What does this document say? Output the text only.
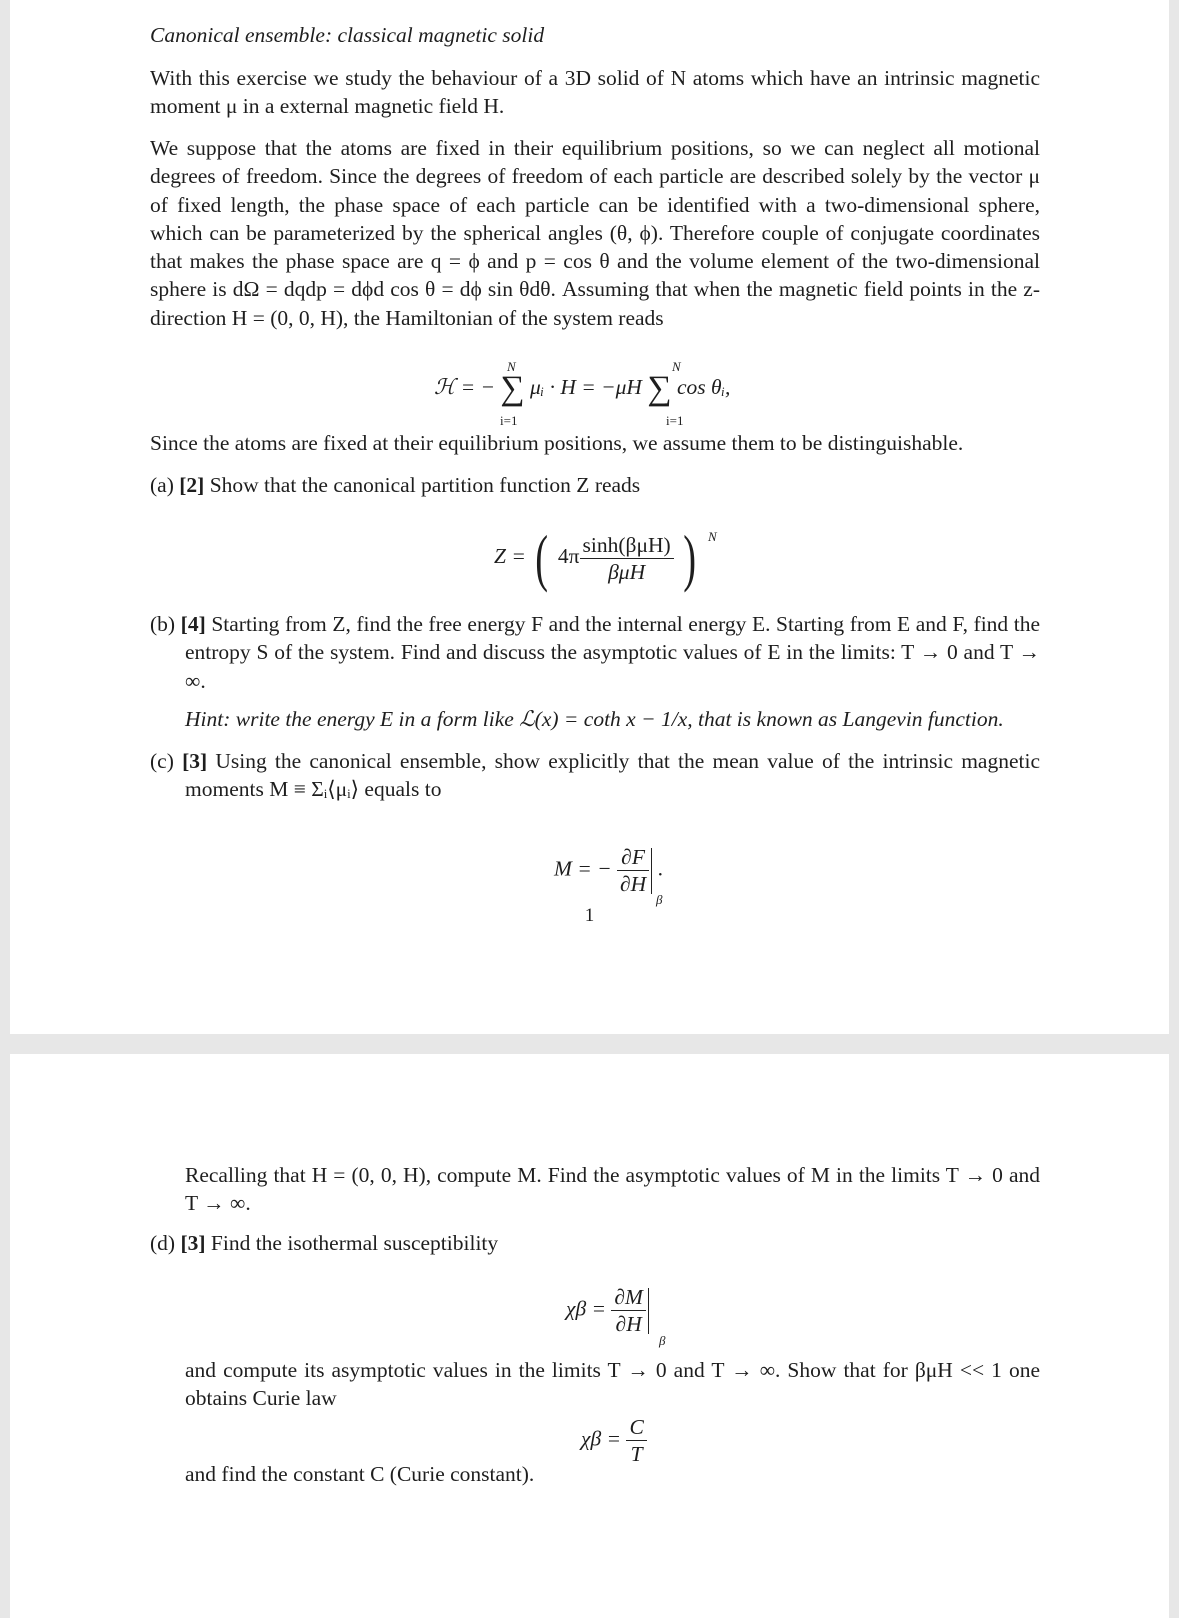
Canonical ensemble: classical magnetic solid

With this exercise we study the behaviour of a 3D solid of N atoms which have an intrinsic magnetic moment μ in a external magnetic field H.

We suppose that the atoms are fixed in their equilibrium positions, so we can neglect all motional degrees of freedom. Since the degrees of freedom of each particle are described solely by the vector μ of fixed length, the phase space of each particle can be identified with a two-dimensional sphere, which can be parameterized by the spherical angles (θ, ϕ). Therefore couple of conjugate coordinates that makes the phase space are q = ϕ and p = cos θ and the volume element of the two-dimensional sphere is dΩ = dqdp = dϕd cos θ = dϕ sin θdθ. Assuming that when the magnetic field points in the z-direction H = (0, 0, H), the Hamiltonian of the system reads

ℋ = − ∑ μᵢ · H = −μH ∑ cos θᵢ,
N
i=1
N
i=1

Since the atoms are fixed at their equilibrium positions, we assume them to be distinguishable.

(a) [2] Show that the canonical partition function Z reads

Z = ( $4\pi \frac{\text{sinh(βμH)}}{\text{βμH}}$ ) N

(b) [4] Starting from Z, find the free energy F and the internal energy E. Starting from E and F, find the entropy S of the system. Find and discuss the asymptotic values of E in the limits: T → 0 and T → ∞.

Hint: write the energy E in a form like ℒ(x) = coth x − 1/x, that is known as Langevin function.

(c) [3] Using the canonical ensemble, show explicitly that the mean value of the intrinsic magnetic moments M ≡ Σᵢ⟨μᵢ⟩ equals to

M = − $\frac{\partial F}{\partial H}$ .
β
1

Recalling that H = (0, 0, H), compute M. Find the asymptotic values of M in the limits T → 0 and T → ∞.

(d) [3] Find the isothermal susceptibility

$\chi\beta = \frac{\partial M}{\partial H}$
β

and compute its asymptotic values in the limits T → 0 and T → ∞. Show that for βμH << 1 one obtains Curie law

$\chi\beta = \frac{C}{T}$

and find the constant C (Curie constant).
